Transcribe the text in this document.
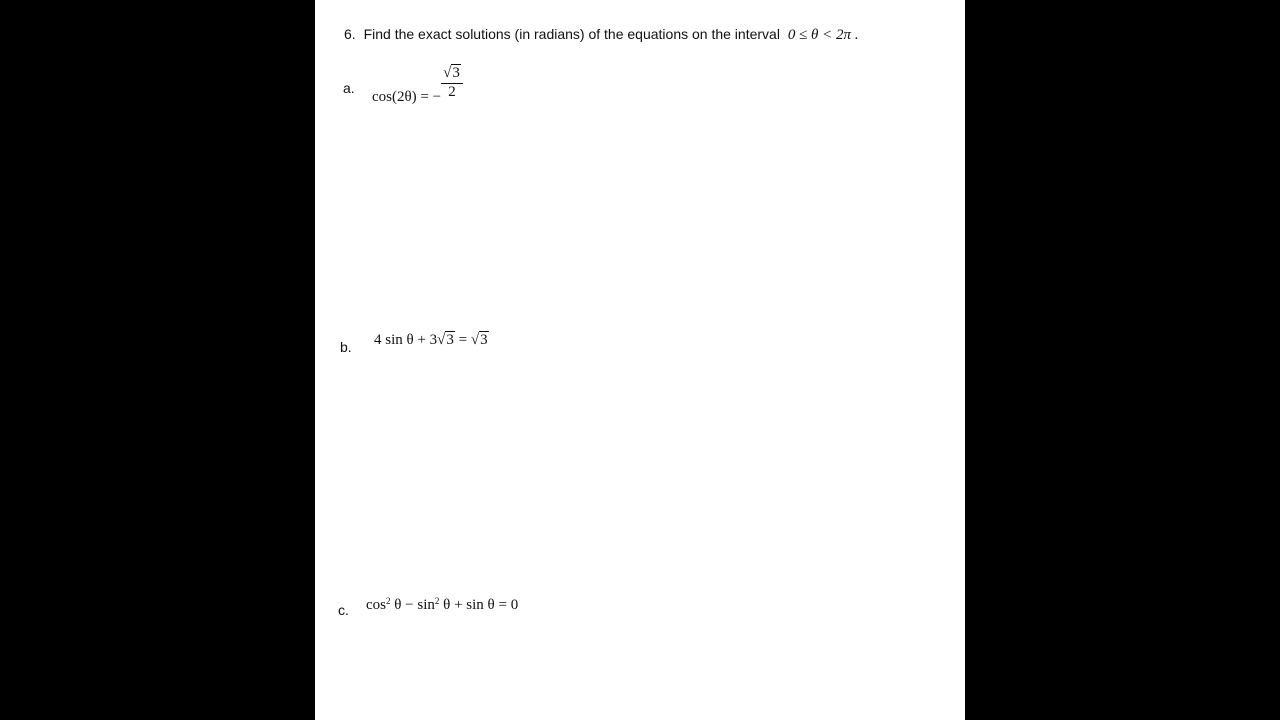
6. Find the exact solutions (in radians) of the equations on the interval 0 ≤ θ < 2π .
a.
cos(2θ) = − $\frac{√3}{2}$
b. 4 sin θ + 3√3 = √3
c. $\cos^2 \theta - \sin^2 \theta + \sin \theta = 0$
